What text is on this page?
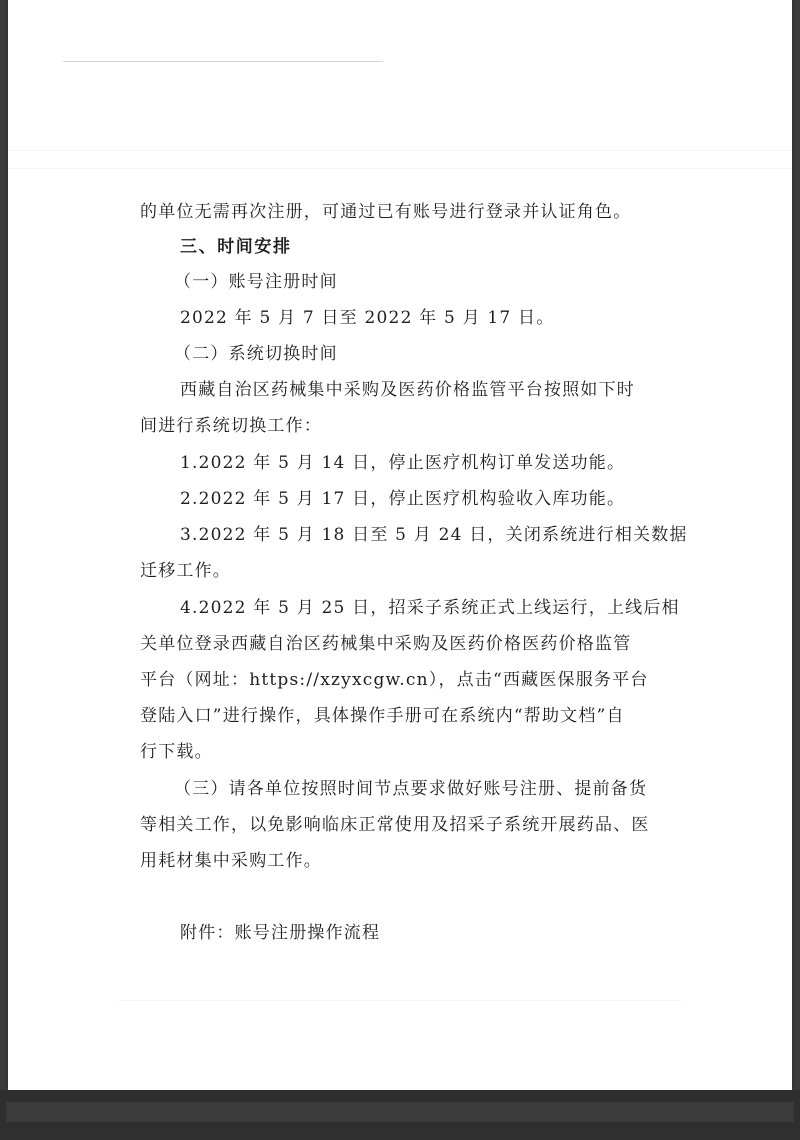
的单位无需再次注册，可通过已有账号进行登录并认证角色。

三、时间安排

（一）账号注册时间

2022 年 5 月 7 日至 2022 年 5 月 17 日。

（二）系统切换时间

西藏自治区药械集中采购及医药价格监管平台按照如下时

间进行系统切换工作：

1.2022 年 5 月 14 日，停止医疗机构订单发送功能。

2.2022 年 5 月 17 日，停止医疗机构验收入库功能。

3.2022 年 5 月 18 日至 5 月 24 日，关闭系统进行相关数据

迁移工作。

4.2022 年 5 月 25 日，招采子系统正式上线运行，上线后相

关单位登录西藏自治区药械集中采购及医药价格医药价格监管

平台（网址：https://xzyxcgw.cn），点击“西藏医保服务平台

登陆入口”进行操作，具体操作手册可在系统内“帮助文档”自

行下载。

（三）请各单位按照时间节点要求做好账号注册、提前备货

等相关工作，以免影响临床正常使用及招采子系统开展药品、医

用耗材集中采购工作。

附件：账号注册操作流程
